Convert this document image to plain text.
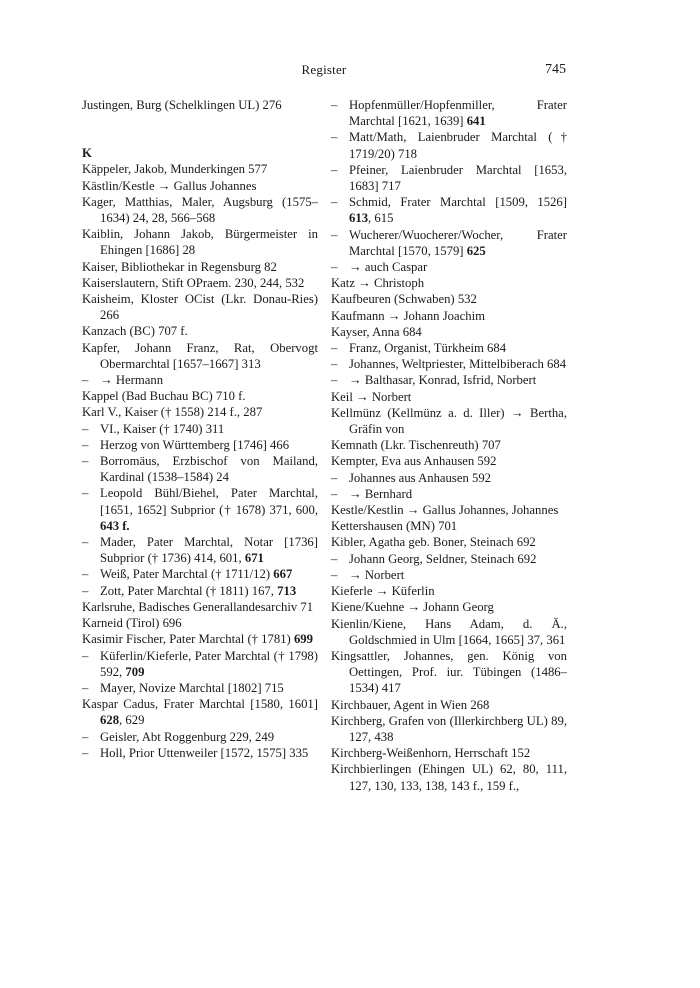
Register	745
Justingen, Burg (Schelklingen UL) 276
K
Käppeler, Jakob, Munderkingen 577
Kästlin/Kestle → Gallus Johannes
Kager, Matthias, Maler, Augsburg (1575–1634) 24, 28, 566–568
Kaiblin, Johann Jakob, Bürgermeister in Ehingen [1686] 28
Kaiser, Bibliothekar in Regensburg 82
Kaiserslautern, Stift OPraem. 230, 244, 532
Kaisheim, Kloster OCist (Lkr. Donau-Ries) 266
Kanzach (BC) 707 f.
Kapfer, Johann Franz, Rat, Obervogt Obermarchtal [1657–1667] 313
– → Hermann
Kappel (Bad Buchau BC) 710 f.
Karl V., Kaiser († 1558) 214 f., 287
– VI., Kaiser († 1740) 311
– Herzog von Württemberg [1746] 466
– Borromäus, Erzbischof von Mailand, Kardinal (1538–1584) 24
– Leopold Bühl/Biehel, Pater Marchtal, [1651, 1652] Subprior († 1678) 371, 600, 643 f.
– Mader, Pater Marchtal, Notar [1736] Subprior († 1736) 414, 601, 671
– Weiß, Pater Marchtal († 1711/12) 667
– Zott, Pater Marchtal († 1811) 167, 713
Karlsruhe, Badisches Generallandesarchiv 71
Karneid (Tirol) 696
Kasimir Fischer, Pater Marchtal († 1781) 699
– Küferlin/Kieferle, Pater Marchtal († 1798) 592, 709
– Mayer, Novize Marchtal [1802] 715
Kaspar Cadus, Frater Marchtal [1580, 1601] 628, 629
– Geisler, Abt Roggenburg 229, 249
– Holl, Prior Uttenweiler [1572, 1575] 335
– Hopfenmüller/Hopfenmiller, Frater Marchtal [1621, 1639] 641
– Matt/Math, Laienbruder Marchtal († 1719/20) 718
– Pfeiner, Laienbruder Marchtal [1653, 1683] 717
– Schmid, Frater Marchtal [1509, 1526] 613, 615
– Wucherer/Wuocherer/Wocher, Frater Marchtal [1570, 1579] 625
– → auch Caspar
Katz → Christoph
Kaufbeuren (Schwaben) 532
Kaufmann → Johann Joachim
Kayser, Anna 684
– Franz, Organist, Türkheim 684
– Johannes, Weltpriester, Mittelbiberach 684
– → Balthasar, Konrad, Isfrid, Norbert
Keil → Norbert
Kellmünz (Kellmünz a. d. Iller) → Bertha, Gräfin von
Kemnath (Lkr. Tischenreuth) 707
Kempter, Eva aus Anhausen 592
– Johannes aus Anhausen 592
– → Bernhard
Kestle/Kestlin → Gallus Johannes, Johannes
Kettershausen (MN) 701
Kibler, Agatha geb. Boner, Steinach 692
– Johann Georg, Seldner, Steinach 692
– → Norbert
Kieferle → Küferlin
Kiene/Kuehne → Johann Georg
Kienlin/Kiene, Hans Adam, d. Ä., Goldschmied in Ulm [1664, 1665] 37, 361
Kingsattler, Johannes, gen. König von Oettingen, Prof. iur. Tübingen (1486–1534) 417
Kirchbauer, Agent in Wien 268
Kirchberg, Grafen von (Illerkirchberg UL) 89, 127, 438
Kirchberg-Weißenhorn, Herrschaft 152
Kirchbierlingen (Ehingen UL) 62, 80, 111, 127, 130, 133, 138, 143 f., 159 f.,
